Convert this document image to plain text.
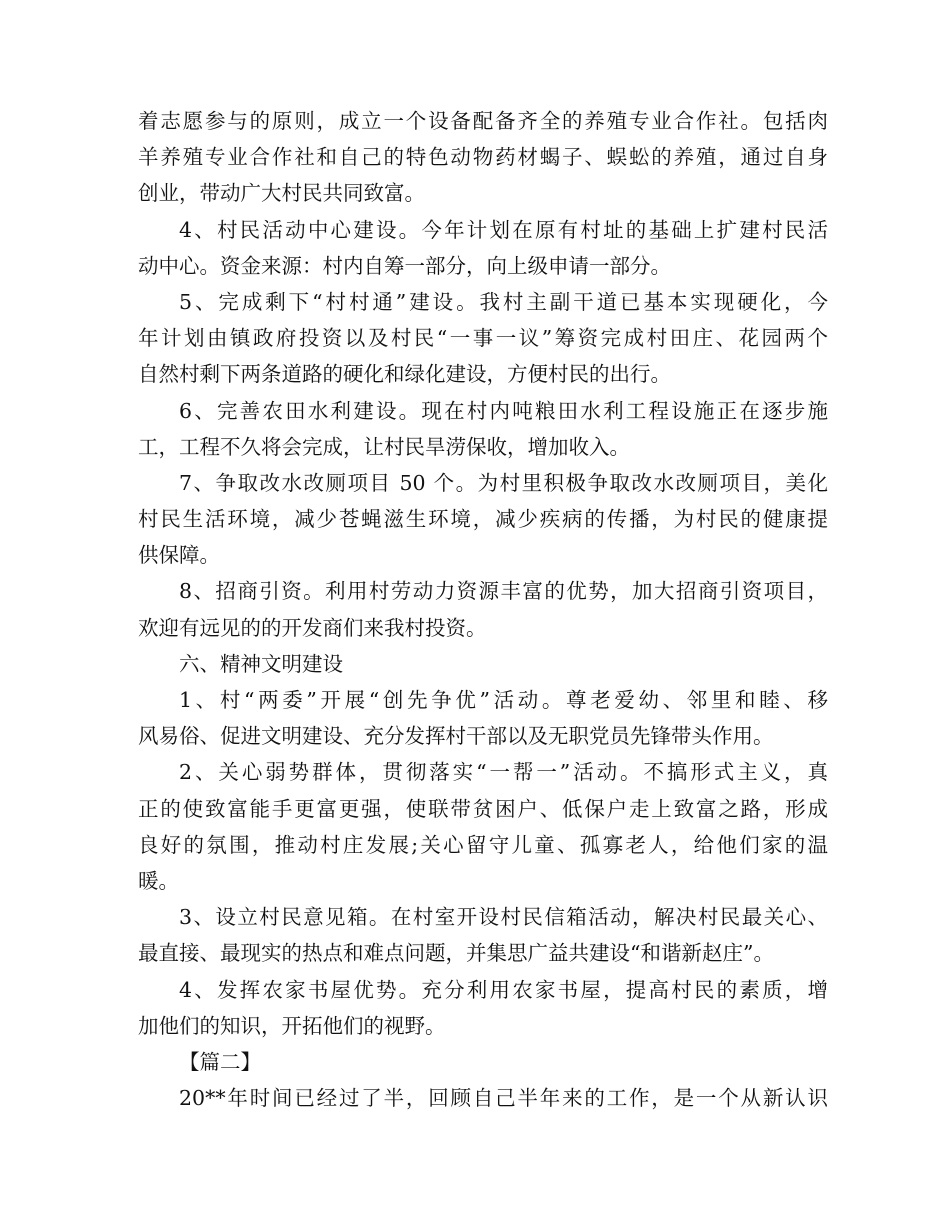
着志愿参与的原则，成立一个设备配备齐全的养殖专业合作社。包括肉
羊养殖专业合作社和自己的特色动物药材蝎子、蜈蚣的养殖，通过自身
创业，带动广大村民共同致富。
4、村民活动中心建设。今年计划在原有村址的基础上扩建村民活
动中心。资金来源：村内自筹一部分，向上级申请一部分。
5、完成剩下“村村通”建设。我村主副干道已基本实现硬化，今
年计划由镇政府投资以及村民“一事一议”筹资完成村田庄、花园两个
自然村剩下两条道路的硬化和绿化建设，方便村民的出行。
6、完善农田水利建设。现在村内吨粮田水利工程设施正在逐步施
工，工程不久将会完成，让村民旱涝保收，增加收入。
7、争取改水改厕项目 50 个。为村里积极争取改水改厕项目，美化
村民生活环境，减少苍蝇滋生环境，减少疾病的传播，为村民的健康提
供保障。
8、招商引资。利用村劳动力资源丰富的优势，加大招商引资项目，
欢迎有远见的的开发商们来我村投资。
六、精神文明建设
1、村“两委”开展“创先争优”活动。尊老爱幼、邻里和睦、移
风易俗、促进文明建设、充分发挥村干部以及无职党员先锋带头作用。
2、关心弱势群体，贯彻落实“一帮一”活动。不搞形式主义，真
正的使致富能手更富更强，使联带贫困户、低保户走上致富之路，形成
良好的氛围，推动村庄发展;关心留守儿童、孤寡老人，给他们家的温
暖。
3、设立村民意见箱。在村室开设村民信箱活动，解决村民最关心、
最直接、最现实的热点和难点问题，并集思广益共建设“和谐新赵庄”。
4、发挥农家书屋优势。充分利用农家书屋，提高村民的素质，增
加他们的知识，开拓他们的视野。
【篇二】
20**年时间已经过了半，回顾自己半年来的工作，是一个从新认识
